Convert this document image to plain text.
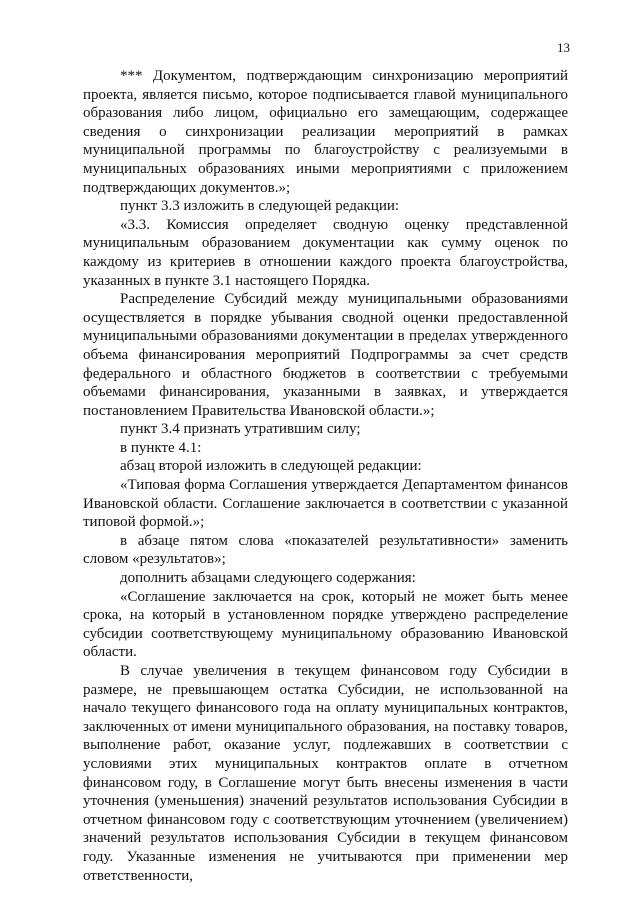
13

*** Документом, подтверждающим синхронизацию мероприятий проекта, является письмо, которое подписывается главой муниципального образования либо лицом, официально его замещающим, содержащее сведения о синхронизации реализации мероприятий в рамках муниципальной программы по благоустройству с реализуемыми в муниципальных образованиях иными мероприятиями с приложением подтверждающих документов.»;

пункт 3.3 изложить в следующей редакции:

«3.3. Комиссия определяет сводную оценку представленной муниципальным образованием документации как сумму оценок по каждому из критериев в отношении каждого проекта благоустройства, указанных в пункте 3.1 настоящего Порядка.

Распределение Субсидий между муниципальными образованиями осуществляется в порядке убывания сводной оценки предоставленной муниципальными образованиями документации в пределах утвержденного объема финансирования мероприятий Подпрограммы за счет средств федерального и областного бюджетов в соответствии с требуемыми объемами финансирования, указанными в заявках, и утверждается постановлением Правительства Ивановской области.»;

пункт 3.4 признать утратившим силу;

в пункте 4.1:

абзац второй изложить в следующей редакции:

«Типовая форма Соглашения утверждается Департаментом финансов Ивановской области. Соглашение заключается в соответствии с указанной типовой формой.»;

в абзаце пятом слова «показателей результативности» заменить словом «результатов»;

дополнить абзацами следующего содержания:

«Соглашение заключается на срок, который не может быть менее срока, на который в установленном порядке утверждено распределение субсидии соответствующему муниципальному образованию Ивановской области.

В случае увеличения в текущем финансовом году Субсидии в размере, не превышающем остатка Субсидии, не использованной на начало текущего финансового года на оплату муниципальных контрактов, заключенных от имени муниципального образования, на поставку товаров, выполнение работ, оказание услуг, подлежавших в соответствии с условиями этих муниципальных контрактов оплате в отчетном финансовом году, в Соглашение могут быть внесены изменения в части уточнения (уменьшения) значений результатов использования Субсидии в отчетном финансовом году с соответствующим уточнением (увеличением) значений результатов использования Субсидии в текущем финансовом году. Указанные изменения не учитываются при применении мер ответственности,
